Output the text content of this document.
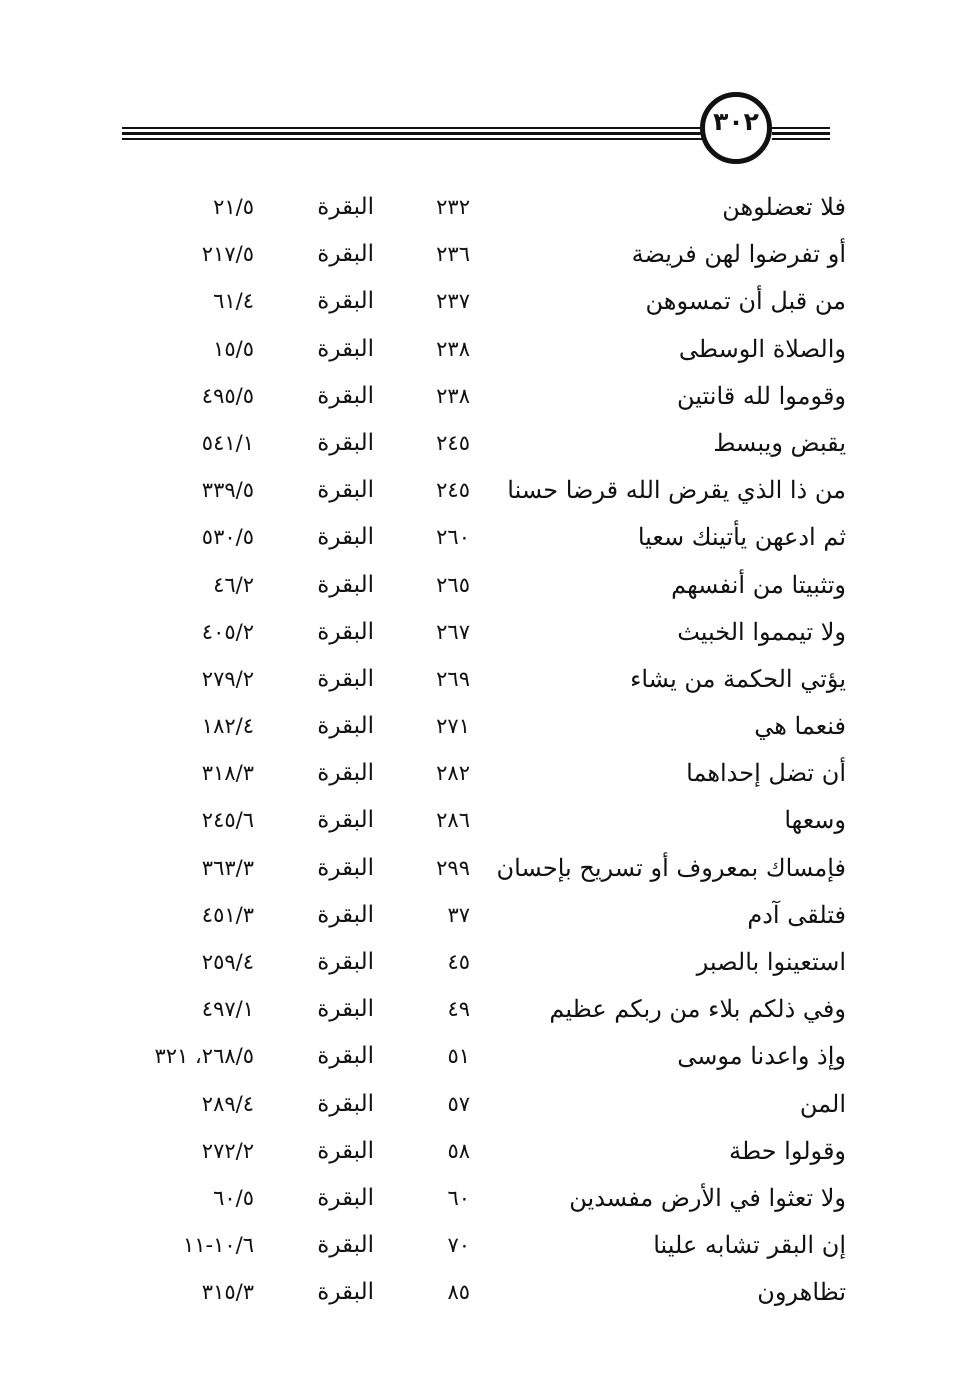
٣٠٢
فلا تعضلوهن
٢٣٢
البقرة
٢١/٥
أو تفرضوا لهن فريضة
٢٣٦
البقرة
٢١٧/٥
من قبل أن تمسوهن
٢٣٧
البقرة
٦١/٤
والصلاة الوسطى
٢٣٨
البقرة
١٥/٥
وقوموا لله قانتين
٢٣٨
البقرة
٤٩٥/٥
يقبض ويبسط
٢٤٥
البقرة
٥٤١/١
من ذا الذي يقرض الله قرضا حسنا
٢٤٥
البقرة
٣٣٩/٥
ثم ادعهن يأتينك سعيا
٢٦٠
البقرة
٥٣٠/٥
وتثبيتا من أنفسهم
٢٦٥
البقرة
٤٦/٢
ولا تيمموا الخبيث
٢٦٧
البقرة
٤٠٥/٢
يؤتي الحكمة من يشاء
٢٦٩
البقرة
٢٧٩/٢
فنعما هي
٢٧١
البقرة
١٨٢/٤
أن تضل إحداهما
٢٨٢
البقرة
٣١٨/٣
وسعها
٢٨٦
البقرة
٢٤٥/٦
فإمساك بمعروف أو تسريح بإحسان
٢٩٩
البقرة
٣٦٣/٣
فتلقى آدم
٣٧
البقرة
٤٥١/٣
استعينوا بالصبر
٤٥
البقرة
٢٥٩/٤
وفي ذلكم بلاء من ربكم عظيم
٤٩
البقرة
٤٩٧/١
وإذ واعدنا موسى
٥١
البقرة
٢٦٨/٥، ٣٢١
المن
٥٧
البقرة
٢٨٩/٤
وقولوا حطة
٥٨
البقرة
٢٧٢/٢
ولا تعثوا في الأرض مفسدين
٦٠
البقرة
٦٠/٥
إن البقر تشابه علينا
٧٠
البقرة
١٠/٦-١١
تظاهرون
٨٥
البقرة
٣١٥/٣
